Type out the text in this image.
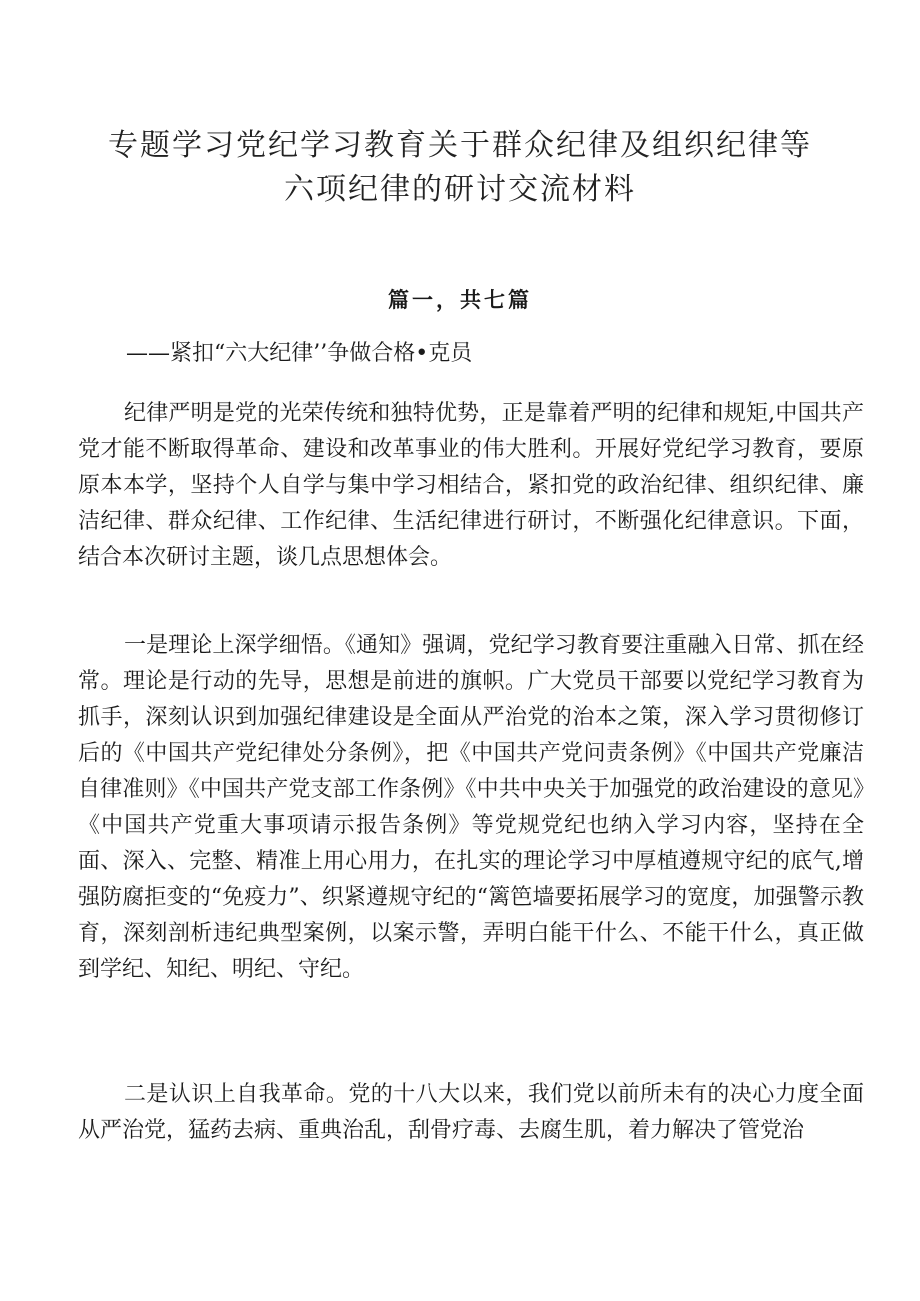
专题学习党纪学习教育关于群众纪律及组织纪律等
六项纪律的研讨交流材料
篇一，共七篇
——紧扣“六大纪律’’争做合格•克员

纪律严明是党的光荣传统和独特优势，正是靠着严明的纪律和规矩,中国共产党才能不断取得革命、建设和改革事业的伟大胜利。开展好党纪学习教育，要原原本本学，坚持个人自学与集中学习相结合，紧扣党的政治纪律、组织纪律、廉洁纪律、群众纪律、工作纪律、生活纪律进行研讨，不断强化纪律意识。下面，结合本次研讨主题，谈几点思想体会。

一是理论上深学细悟。《通知》强调，党纪学习教育要注重融入日常、抓在经常。理论是行动的先导，思想是前进的旗帜。广大党员干部要以党纪学习教育为抓手，深刻认识到加强纪律建设是全面从严治党的治本之策，深入学习贯彻修订后的《中国共产党纪律处分条例》，把《中国共产党问责条例》《中国共产党廉洁自律准则》《中国共产党支部工作条例》《中共中央关于加强党的政治建设的意见》《中国共产党重大事项请示报告条例》等党规党纪也纳入学习内容，坚持在全面、深入、完整、精准上用心用力，在扎实的理论学习中厚植遵规守纪的底气,增强防腐拒变的“免疫力”、织紧遵规守纪的“篱笆墙要拓展学习的宽度，加强警示教育，深刻剖析违纪典型案例，以案示警，弄明白能干什么、不能干什么，真正做到学纪、知纪、明纪、守纪。

二是认识上自我革命。党的十八大以来，我们党以前所未有的决心力度全面从严治党，猛药去病、重典治乱，刮骨疗毒、去腐生肌，着力解决了管党治
